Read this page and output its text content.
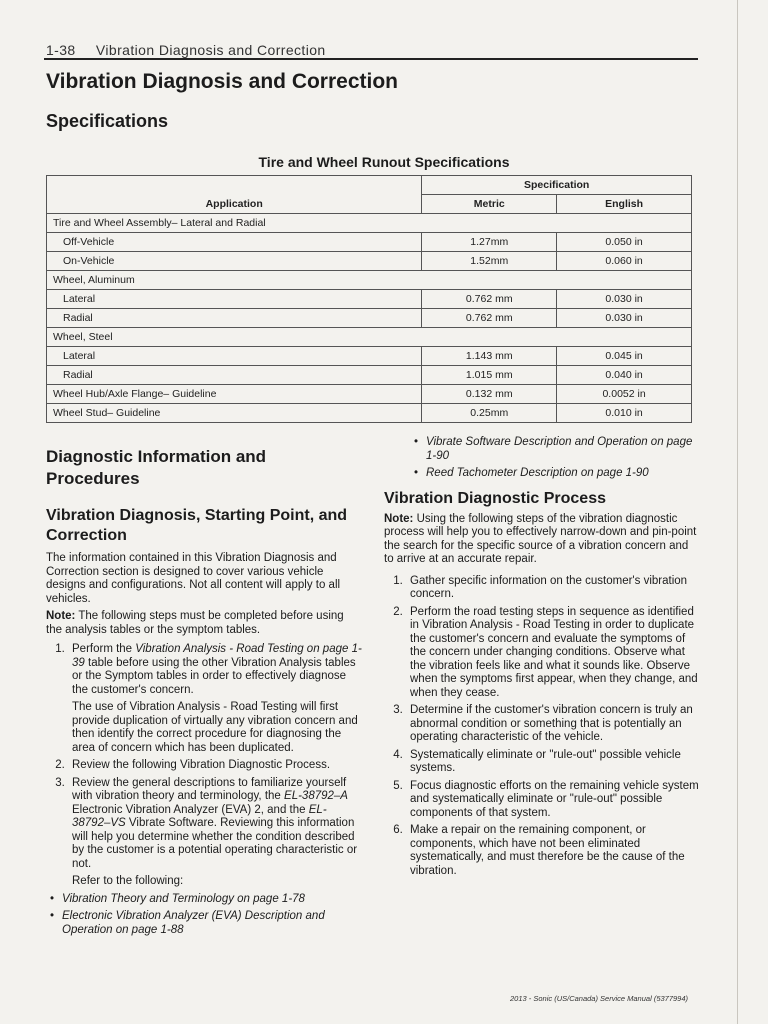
1-38 Vibration Diagnosis and Correction
Vibration Diagnosis and Correction
Specifications
Tire and Wheel Runout Specifications
Application	Specification	
	Metric	English
Tire and Wheel Assembly– Lateral and Radial		
Off-Vehicle	1.27mm	0.050 in
On-Vehicle	1.52mm	0.060 in
Wheel, Aluminum		
Lateral	0.762 mm	0.030 in
Radial	0.762 mm	0.030 in
Wheel, Steel		
Lateral	1.143 mm	0.045 in
Radial	1.015 mm	0.040 in
Wheel Hub/Axle Flange– Guideline	0.132 mm	0.0052 in
Wheel Stud– Guideline	0.25mm	0.010 in
Diagnostic Information and Procedures
Vibration Diagnosis, Starting Point, and Correction

The information contained in this Vibration Diagnosis and Correction section is designed to cover various vehicle designs and configurations. Not all content will apply to all vehicles.

Note: The following steps must be completed before using the analysis tables or the symptom tables.

1. Perform the Vibration Analysis - Road Testing on page 1-39 table before using the other Vibration Analysis tables or the Symptom tables in order to effectively diagnose the customer's concern.
The use of Vibration Analysis - Road Testing will first provide duplication of virtually any vibration concern and then identify the correct procedure for diagnosing the area of concern which has been duplicated.
2. Review the following Vibration Diagnostic Process.
3. Review the general descriptions to familiarize yourself with vibration theory and terminology, the EL-38792–A Electronic Vibration Analyzer (EVA) 2, and the EL-38792–VS Vibrate Software. Reviewing this information will help you determine whether the condition described by the customer is a potential operating characteristic or not.
Refer to the following:
• Vibration Theory and Terminology on page 1-78
• Electronic Vibration Analyzer (EVA) Description and Operation on page 1-88
• Vibrate Software Description and Operation on page 1-90
• Reed Tachometer Description on page 1-90
Vibration Diagnostic Process

Note: Using the following steps of the vibration diagnostic process will help you to effectively narrow-down and pin-point the search for the specific source of a vibration concern and to arrive at an accurate repair.

1. Gather specific information on the customer's vibration concern.
2. Perform the road testing steps in sequence as identified in Vibration Analysis - Road Testing in order to duplicate the customer's concern and evaluate the symptoms of the concern under changing conditions. Observe what the vibration feels like and what it sounds like. Observe when the symptoms first appear, when they change, and when they cease.
3. Determine if the customer's vibration concern is truly an abnormal condition or something that is potentially an operating characteristic of the vehicle.
4. Systematically eliminate or "rule-out" possible vehicle systems.
5. Focus diagnostic efforts on the remaining vehicle system and systematically eliminate or "rule-out" possible components of that system.
6. Make a repair on the remaining component, or components, which have not been eliminated systematically, and must therefore be the cause of the vibration.
2013 - Sonic (US/Canada) Service Manual (5377994)
